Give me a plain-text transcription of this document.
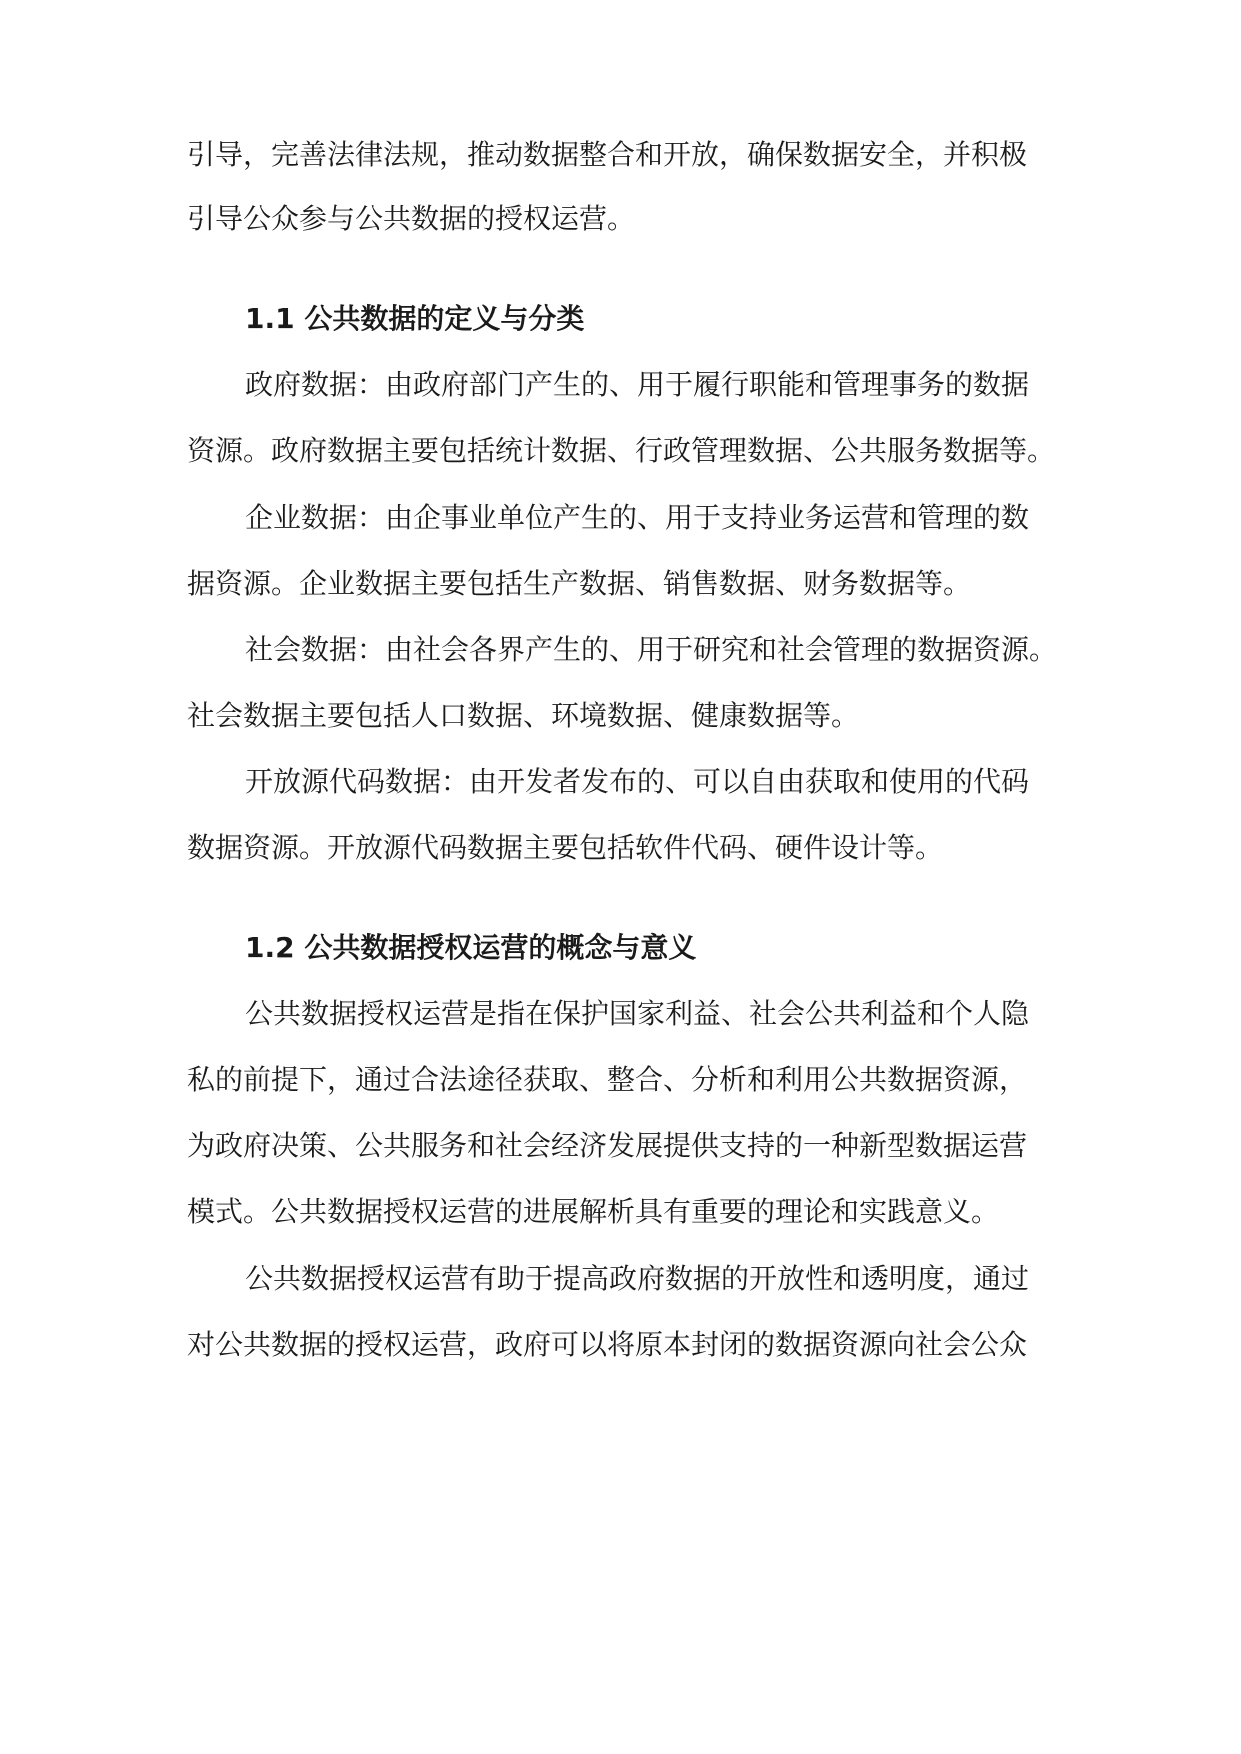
引导，完善法律法规，推动数据整合和开放，确保数据安全，并积极
引导公众参与公共数据的授权运营。
1.1 公共数据的定义与分类
政府数据：由政府部门产生的、用于履行职能和管理事务的数据
资源。政府数据主要包括统计数据、行政管理数据、公共服务数据等。
企业数据：由企事业单位产生的、用于支持业务运营和管理的数
据资源。企业数据主要包括生产数据、销售数据、财务数据等。
社会数据：由社会各界产生的、用于研究和社会管理的数据资源。
社会数据主要包括人口数据、环境数据、健康数据等。
开放源代码数据：由开发者发布的、可以自由获取和使用的代码
数据资源。开放源代码数据主要包括软件代码、硬件设计等。
1.2 公共数据授权运营的概念与意义
公共数据授权运营是指在保护国家利益、社会公共利益和个人隐
私的前提下，通过合法途径获取、整合、分析和利用公共数据资源，
为政府决策、公共服务和社会经济发展提供支持的一种新型数据运营
模式。公共数据授权运营的进展解析具有重要的理论和实践意义。
公共数据授权运营有助于提高政府数据的开放性和透明度，通过
对公共数据的授权运营，政府可以将原本封闭的数据资源向社会公众
